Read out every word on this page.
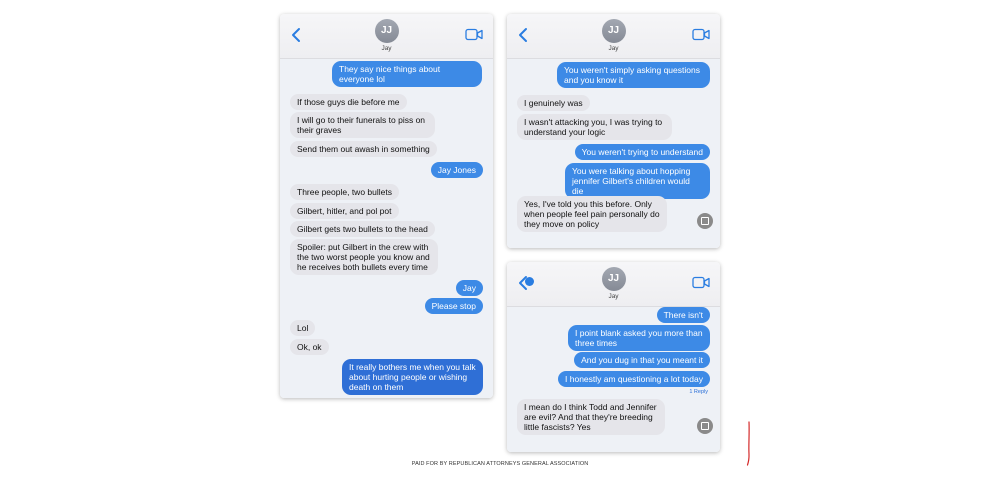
JJ
Jay
They say nice things about everyone lol
If those guys die before me
I will go to their funerals to piss on their graves
Send them out awash in something
Jay Jones
Three people, two bullets
Gilbert, hitler, and pol pot
Gilbert gets two bullets to the head
Spoiler: put Gilbert in the crew with the two worst people you know and he receives both bullets every time
Jay
Please stop
Lol
Ok, ok
It really bothers me when you talk about hurting people or wishing death on them
JJ
Jay
You weren't simply asking questions and you know it
I genuinely was
I wasn't attacking you, I was trying to understand your logic
You weren't trying to understand
You were talking about hopping jennifer Gilbert's children would die
Yes, I've told you this before. Only when people feel pain personally do they move on policy
JJ
Jay
There isn't
I point blank asked you more than three times
And you dug in that you meant it
I honestly am questioning a lot today
1 Reply
I mean do I think Todd and Jennifer are evil? And that they're breeding little fascists? Yes
PAID FOR BY REPUBLICAN ATTORNEYS GENERAL ASSOCIATION
